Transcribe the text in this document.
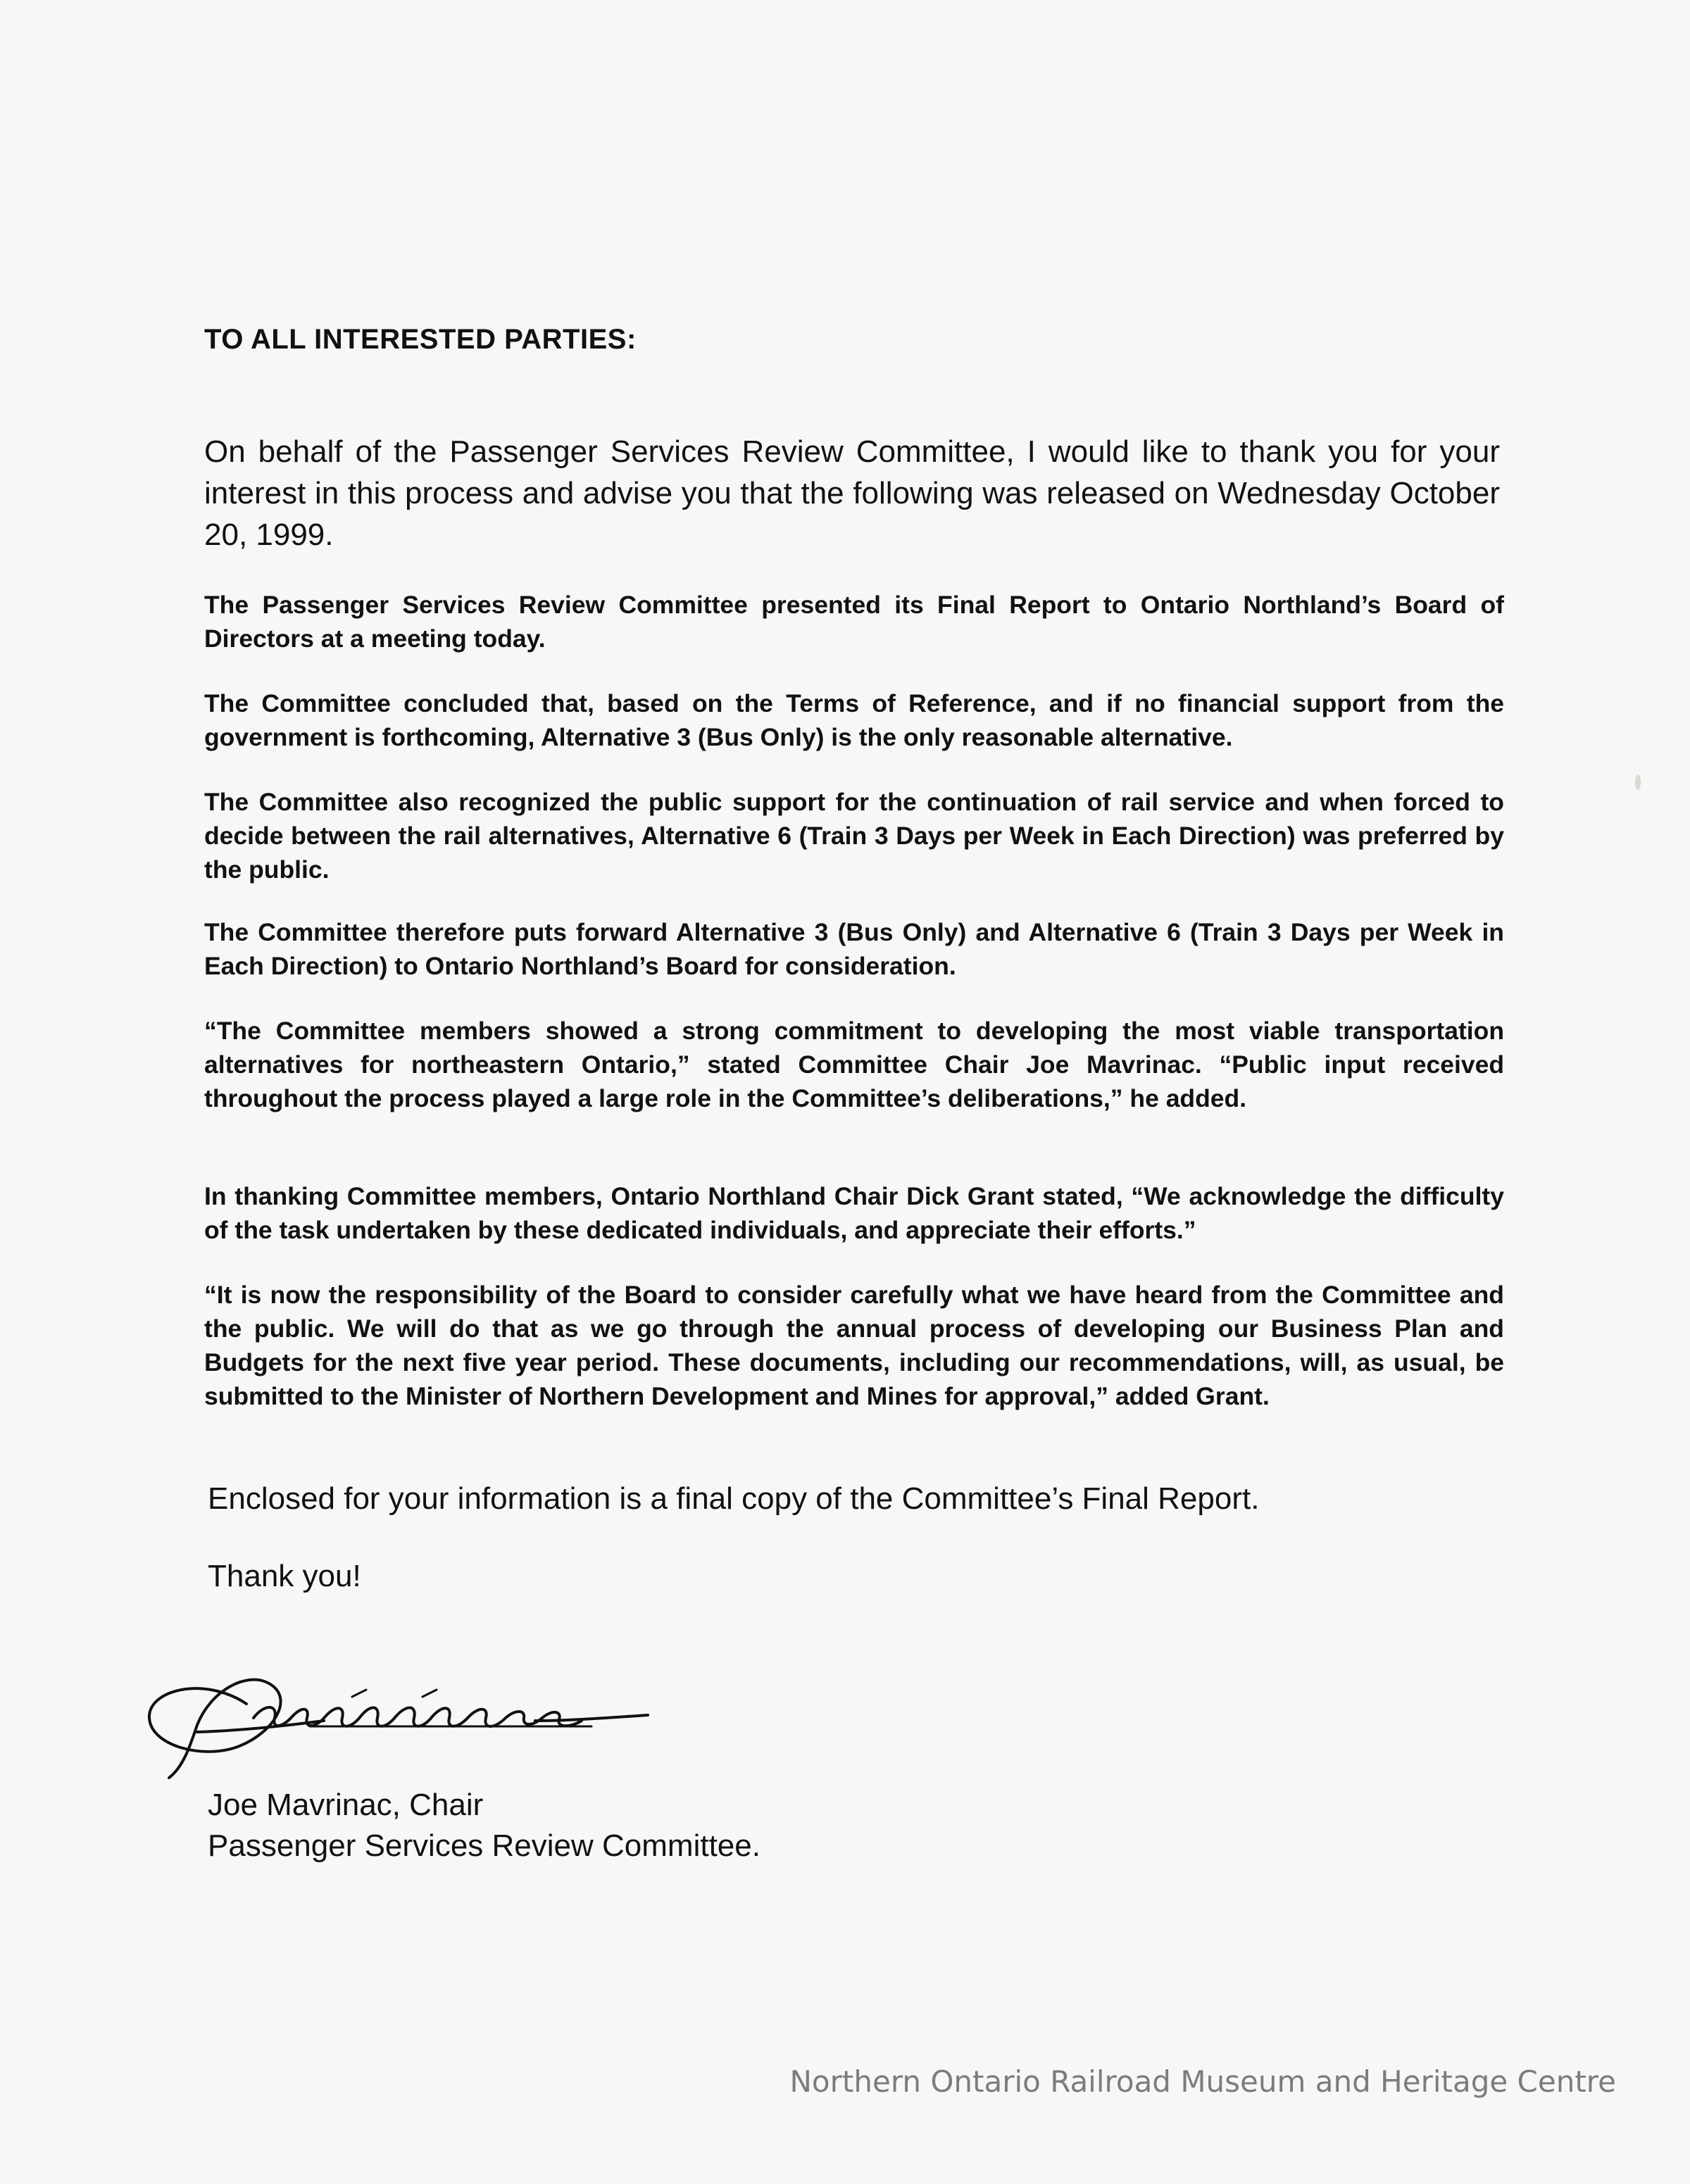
TO ALL INTERESTED PARTIES:

On behalf of the Passenger Services Review Committee, I would like to thank you for your interest in this process and advise you that the following was released on Wednesday October 20, 1999.

The Passenger Services Review Committee presented its Final Report to Ontario Northland’s Board of Directors at a meeting today.

The Committee concluded that, based on the Terms of Reference, and if no financial support from the government is forthcoming, Alternative 3 (Bus Only) is the only reasonable alternative.

The Committee also recognized the public support for the continuation of rail service and when forced to decide between the rail alternatives, Alternative 6 (Train 3 Days per Week in Each Direction) was preferred by the public.

The Committee therefore puts forward Alternative 3 (Bus Only) and Alternative 6 (Train 3 Days per Week in Each Direction) to Ontario Northland’s Board for consideration.

“The Committee members showed a strong commitment to developing the most viable transportation alternatives for northeastern Ontario,” stated Committee Chair Joe Mavrinac. “Public input received throughout the process played a large role in the Committee’s deliberations,” he added.

In thanking Committee members, Ontario Northland Chair Dick Grant stated, “We acknowledge the difficulty of the task undertaken by these dedicated individuals, and appreciate their efforts.”

“It is now the responsibility of the Board to consider carefully what we have heard from the Committee and the public. We will do that as we go through the annual process of developing our Business Plan and Budgets for the next five year period. These documents, including our recommendations, will, as usual, be submitted to the Minister of Northern Development and Mines for approval,” added Grant.

Enclosed for your information is a final copy of the Committee’s Final Report.

Thank you!

Joe Mavrinac, Chair
Passenger Services Review Committee.
Northern Ontario Railroad Museum and Heritage Centre
